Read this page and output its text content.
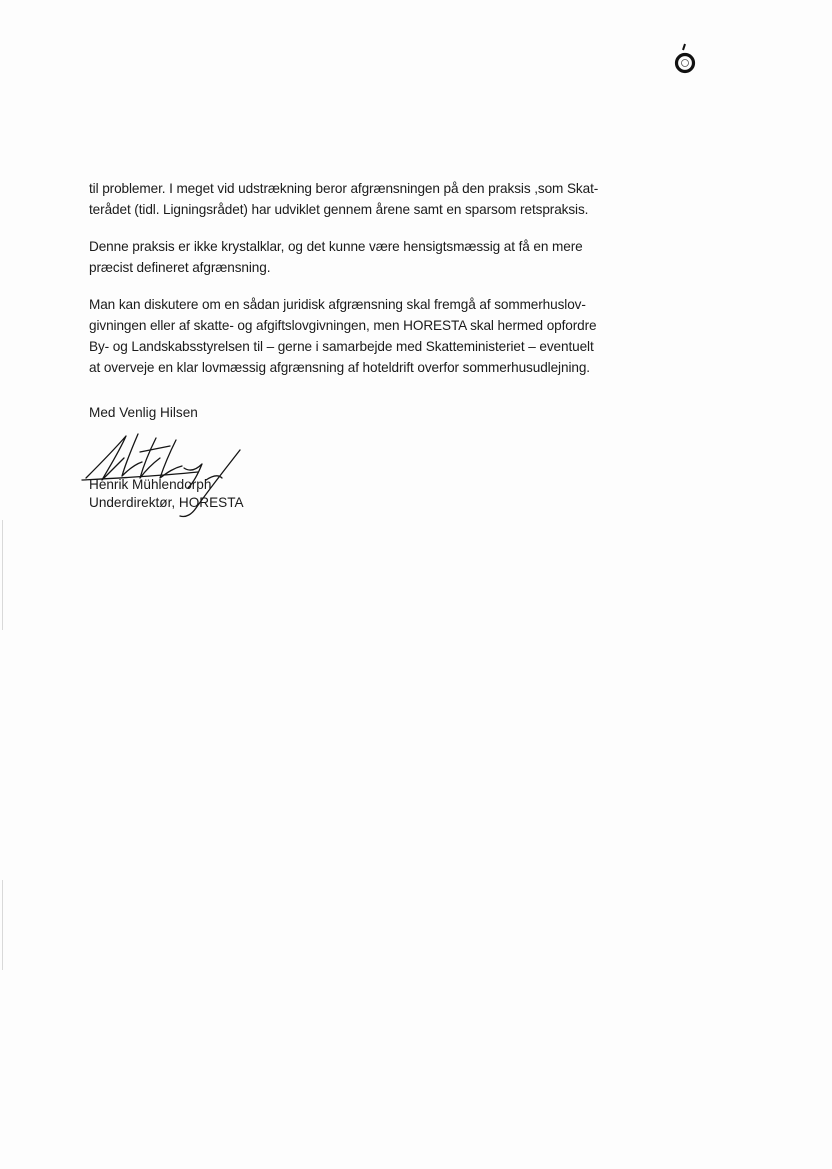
til problemer. I meget vid udstrækning beror afgrænsningen på den praksis ,som Skat-
terådet (tidl. Ligningsrådet) har udviklet gennem årene samt en sparsom retspraksis.

Denne praksis er ikke krystalklar, og det kunne være hensigtsmæssig at få en mere
præcist defineret afgrænsning.

Man kan diskutere om en sådan juridisk afgrænsning skal fremgå af sommerhuslov-
givningen eller af skatte- og afgiftslovgivningen, men HORESTA skal hermed opfordre
By- og Landskabsstyrelsen til – gerne i samarbejde med Skatteministeriet – eventuelt
at overveje en klar lovmæssig afgrænsning af hoteldrift overfor sommerhusudlejning.

Med Venlig Hilsen
Henrik Mühlendorph
Underdirektør, HORESTA
